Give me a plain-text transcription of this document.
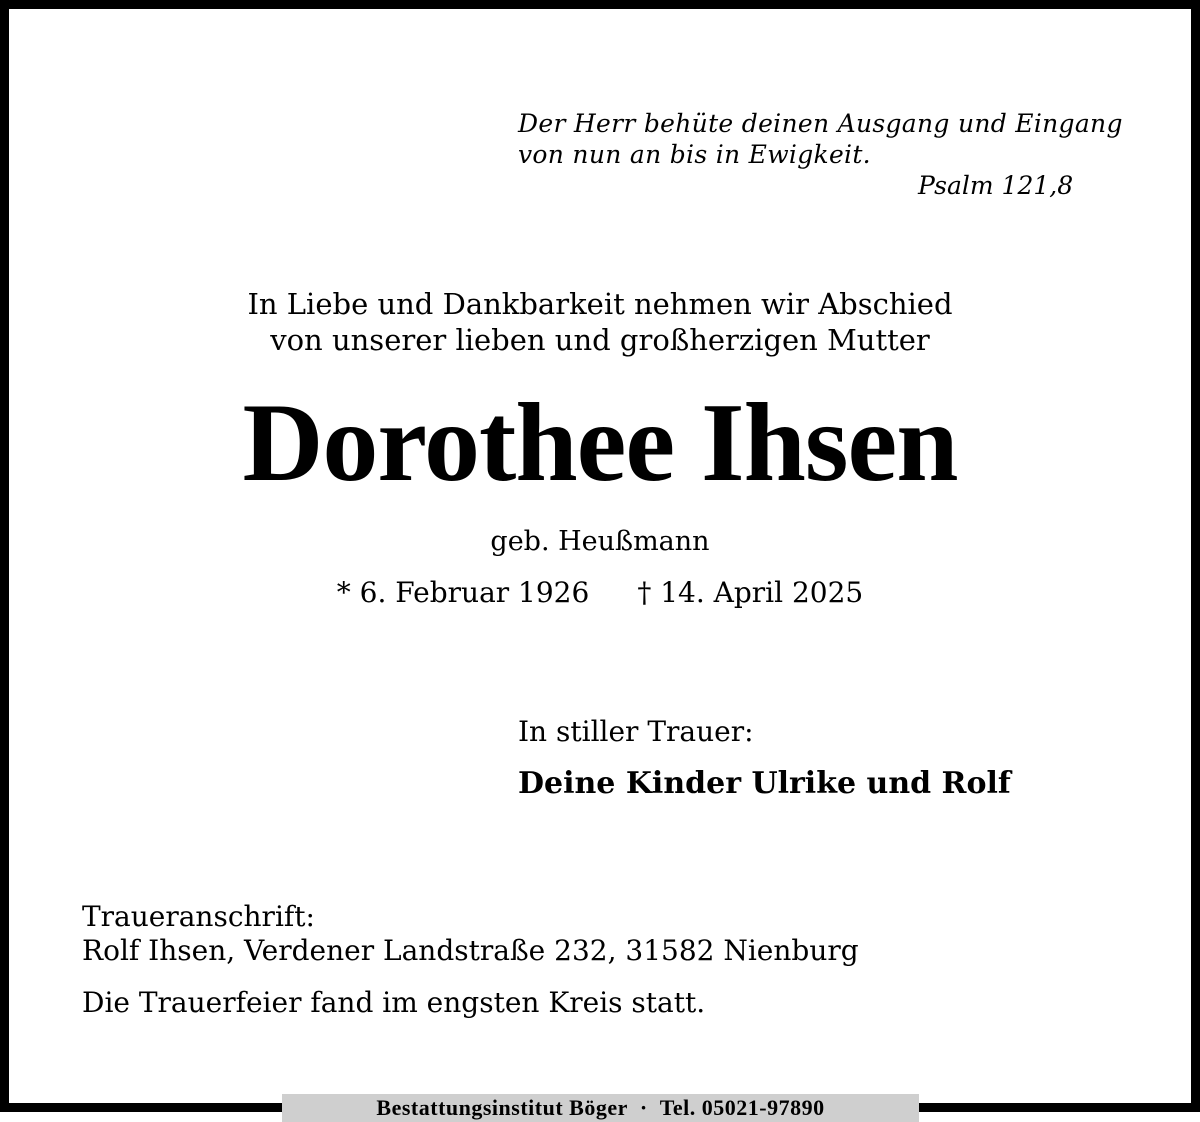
Der Herr behüte deinen Ausgang und Eingang
von nun an bis in Ewigkeit.
Psalm 121,8
In Liebe und Dankbarkeit nehmen wir Abschied
von unserer lieben und großherzigen Mutter
Dorothee Ihsen
geb. Heußmann
* 6. Februar 1926 † 14. April 2025
In stiller Trauer:
Deine Kinder Ulrike und Rolf
Traueranschrift:
Rolf Ihsen, Verdener Landstraße 232, 31582 Nienburg
Die Trauerfeier fand im engsten Kreis statt.
Bestattungsinstitut Böger · Tel. 05021-97890
